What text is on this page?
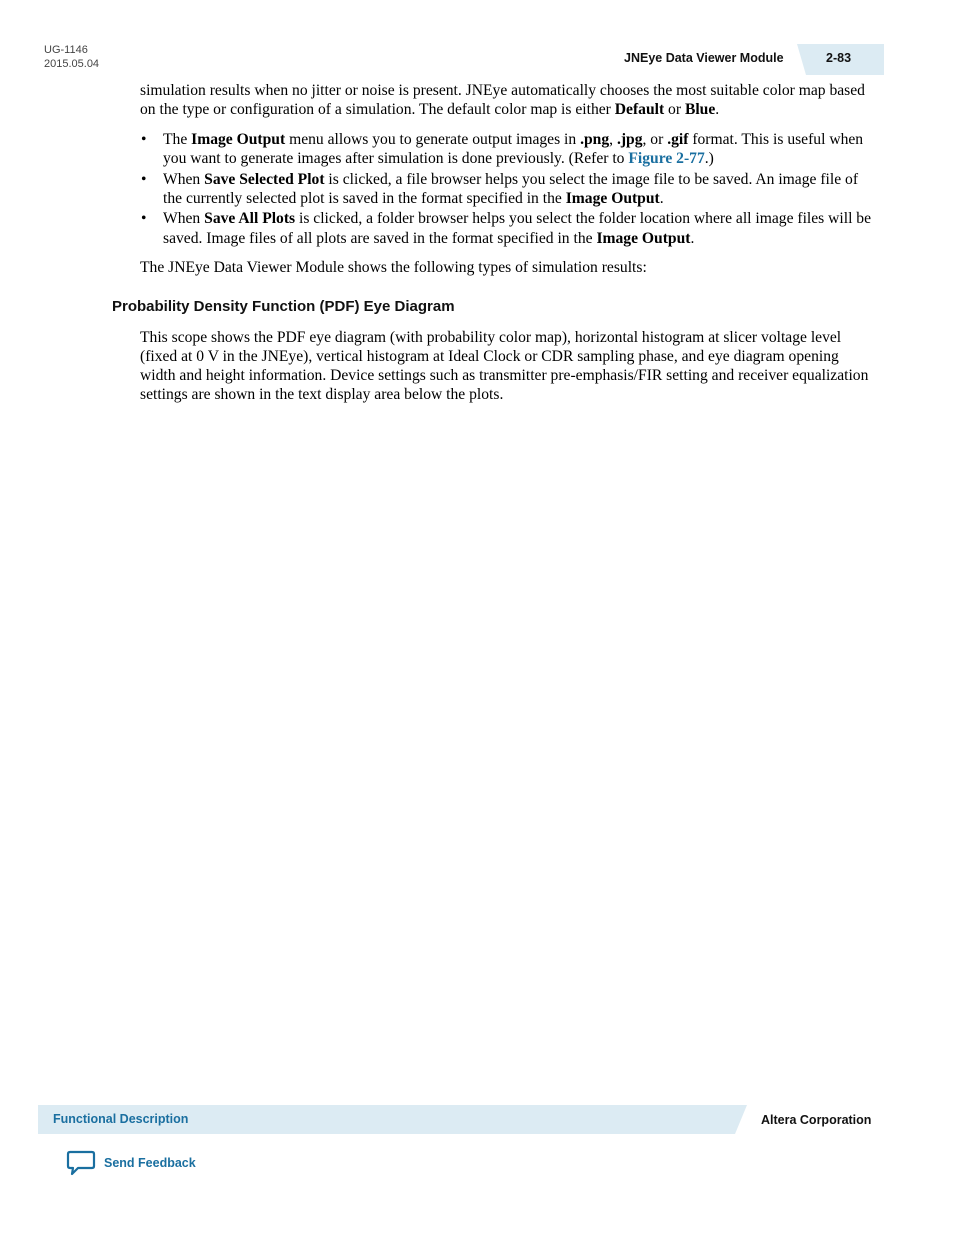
UG-1146
2015.05.04	JNEye Data Viewer Module	2-83

simulation results when no jitter or noise is present. JNEye automatically chooses the most suitable color map based on the type or configuration of a simulation. The default color map is either Default or Blue.

• The Image Output menu allows you to generate output images in .png, .jpg, or .gif format. This is useful when you want to generate images after simulation is done previously. (Refer to Figure 2-77.)
• When Save Selected Plot is clicked, a file browser helps you select the image file to be saved. An image file of the currently selected plot is saved in the format specified in the Image Output.
• When Save All Plots is clicked, a folder browser helps you select the folder location where all image files will be saved. Image files of all plots are saved in the format specified in the Image Output.

The JNEye Data Viewer Module shows the following types of simulation results:

Probability Density Function (PDF) Eye Diagram

This scope shows the PDF eye diagram (with probability color map), horizontal histogram at slicer voltage level (fixed at 0 V in the JNEye), vertical histogram at Ideal Clock or CDR sampling phase, and eye diagram opening width and height information. Device settings such as transmitter pre-emphasis/FIR setting and receiver equalization settings are shown in the text display area below the plots.

Functional Description	Altera Corporation
Send Feedback
